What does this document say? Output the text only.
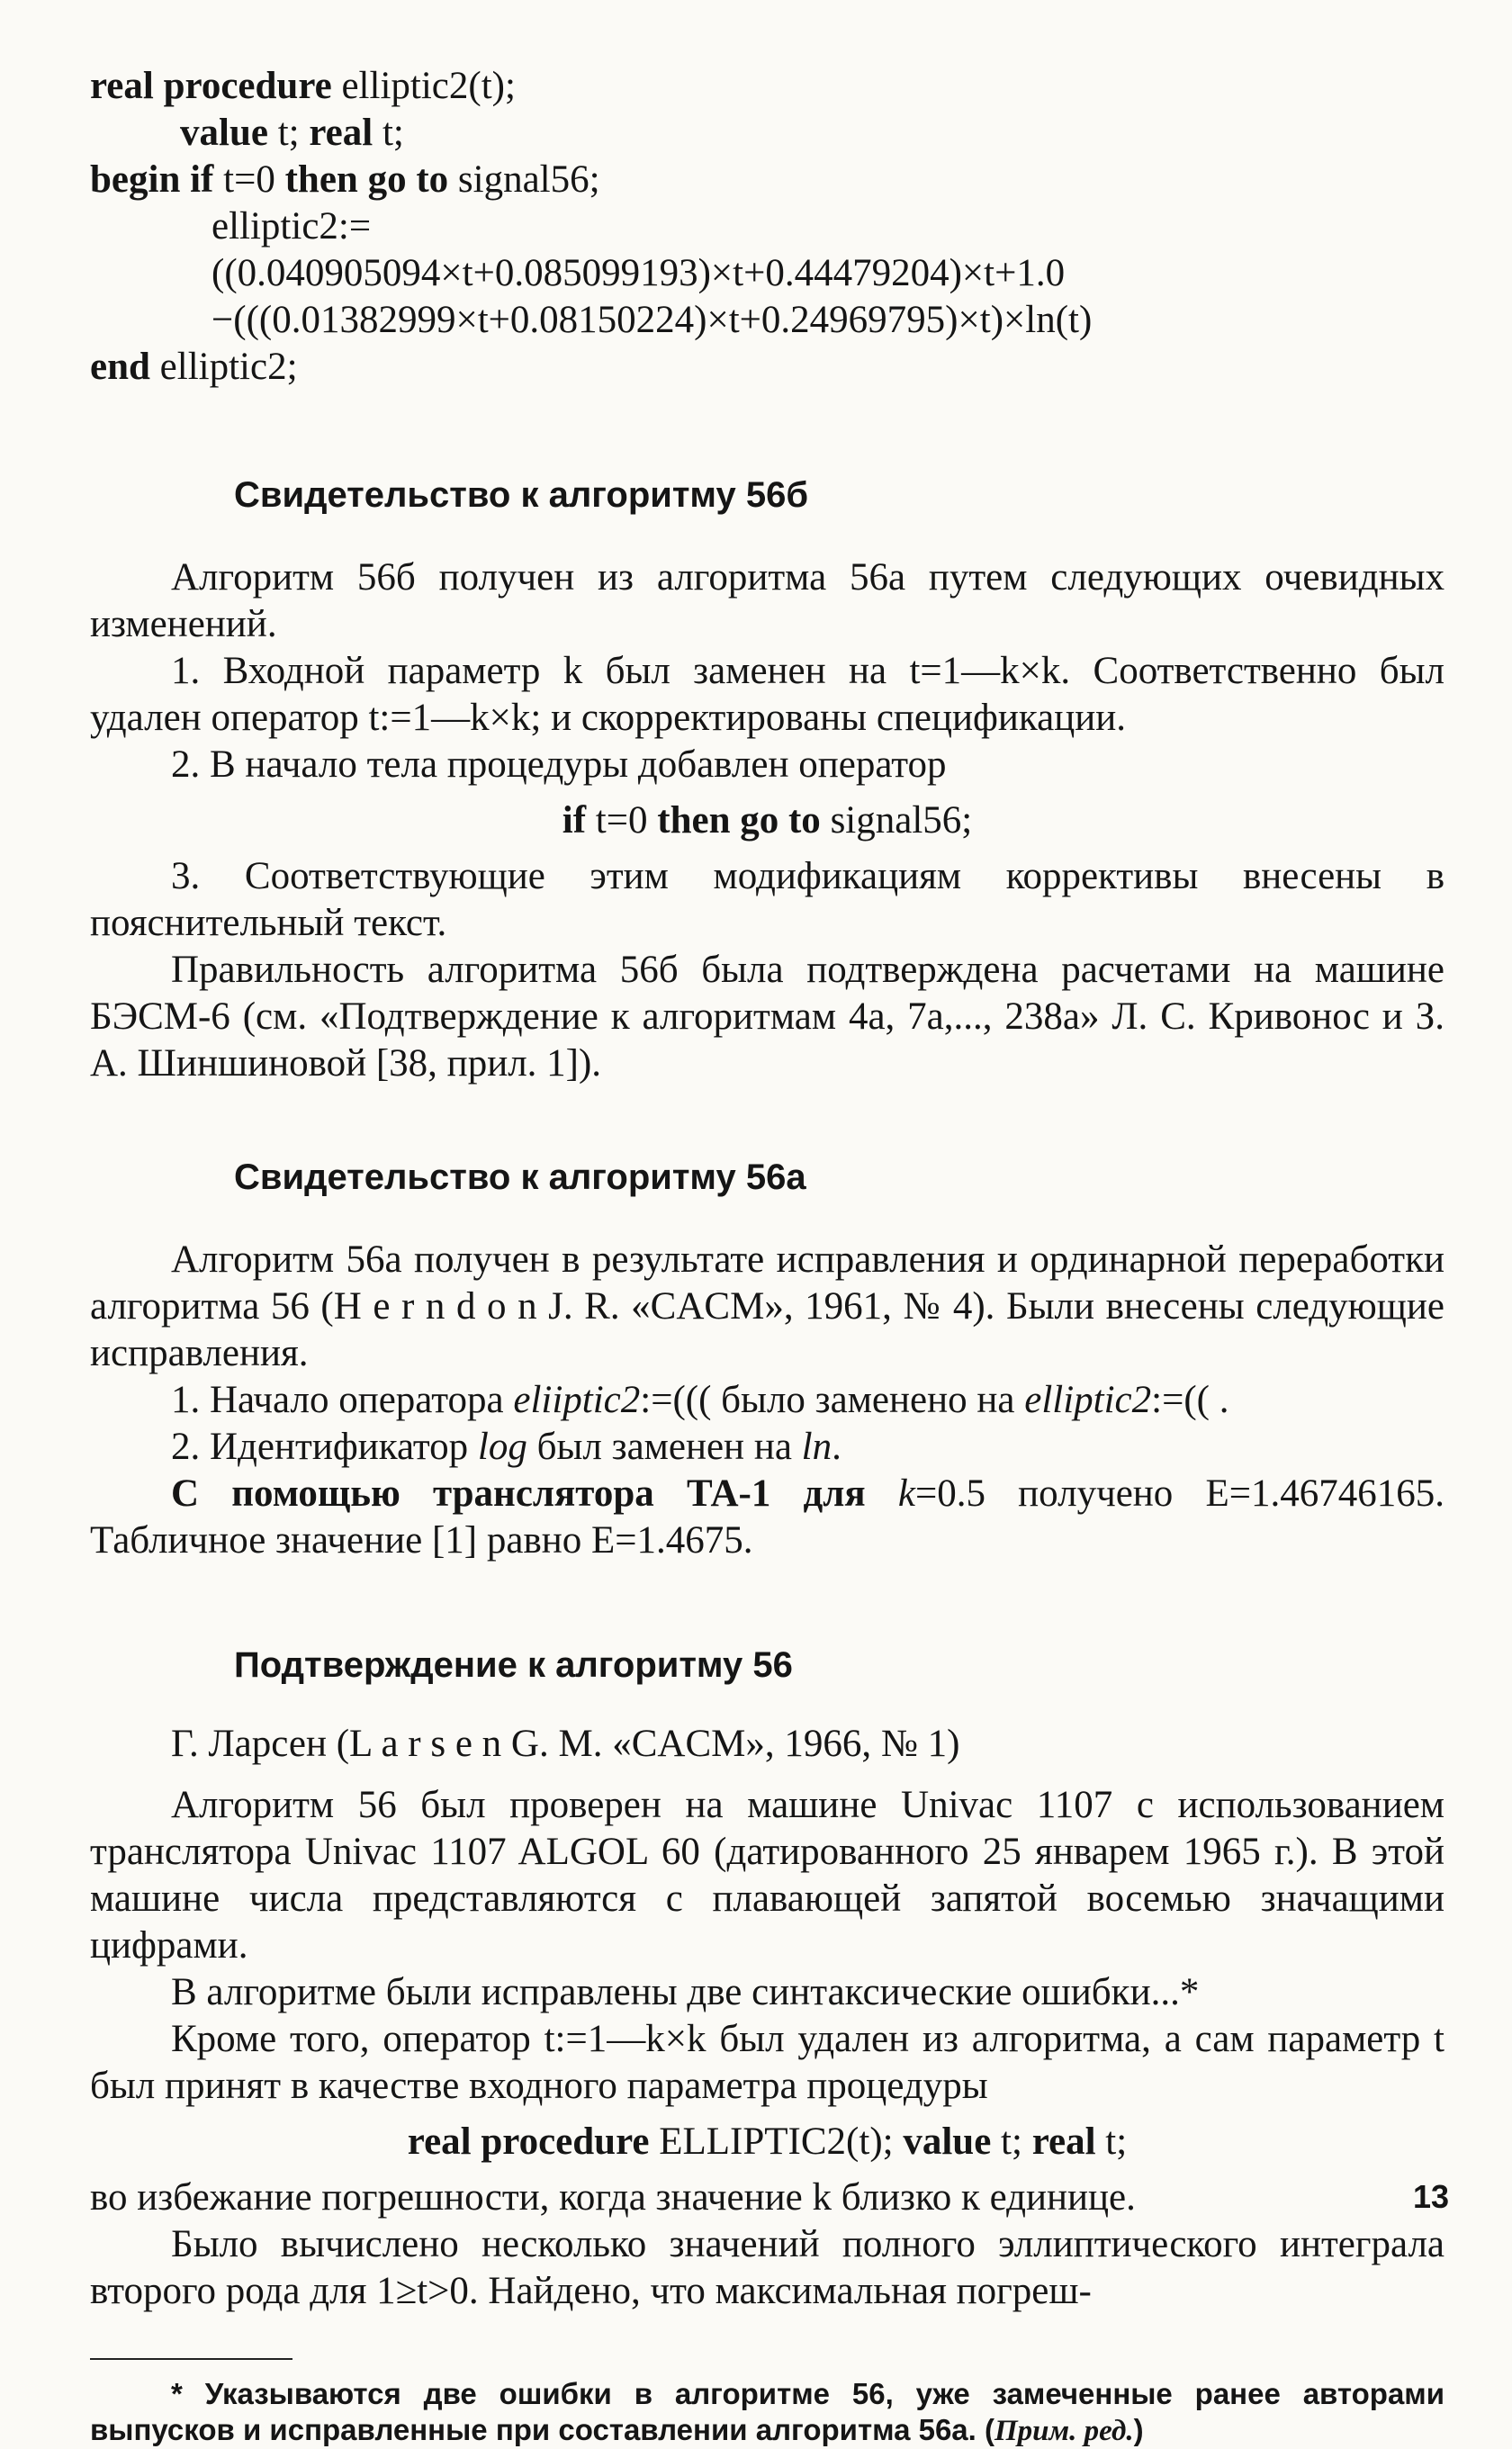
real procedure elliptic2(t);
value t; real t;
begin if t=0 then go to signal56;
elliptic2:=
((0.040905094×t+0.085099193)×t+0.44479204)×t+1.0
−(((0.01382999×t+0.08150224)×t+0.24969795)×t)×ln(t)
end elliptic2;
Свидетельство к алгоритму 56б

Алгоритм 56б получен из алгоритма 56а путем следующих очевидных изменений.

1. Входной параметр k был заменен на t=1—k×k. Соответственно был удален оператор t:=1—k×k; и скорректированы спецификации.

2. В начало тела процедуры добавлен оператор

if t=0 then go to signal56;

3. Соответствующие этим модификациям коррективы внесены в пояснительный текст.

Правильность алгоритма 56б была подтверждена расчетами на машине БЭСМ-6 (см. «Подтверждение к алгоритмам 4а, 7а,..., 238а» Л. С. Кривонос и З. А. Шиншиновой [38, прил. 1]).

Свидетельство к алгоритму 56а

Алгоритм 56а получен в результате исправления и ординарной переработки алгоритма 56 (H e r n d o n J. R. «CACM», 1961, № 4). Были внесены следующие исправления.

1. Начало оператора eliiptic2:=((( было заменено на elliptic2:=(( .

2. Идентификатор log был заменен на ln.

С помощью транслятора ТА-1 для k=0.5 получено E=1.46746165. Табличное значение [1] равно E=1.4675.

Подтверждение к алгоритму 56

Г. Ларсен (L a r s e n G. M. «CACM», 1966, № 1)

Алгоритм 56 был проверен на машине Univac 1107 с использованием транслятора Univac 1107 ALGOL 60 (датированного 25 январем 1965 г.). В этой машине числа представляются с плавающей запятой восемью значащими цифрами.

В алгоритме были исправлены две синтаксические ошибки...*

Кроме того, оператор t:=1—k×k был удален из алгоритма, а сам параметр t был принят в качестве входного параметра процедуры

real procedure ELLIPTIC2(t); value t; real t;

во избежание погрешности, когда значение k близко к единице.

Было вычислено несколько значений полного эллиптического интеграла второго рода для 1≥t>0. Найдено, что максимальная погреш-

* Указываются две ошибки в алгоритме 56, уже замеченные ранее авторами выпусков и исправленные при составлении алгоритма 56а. (Прим. ред.)

13
